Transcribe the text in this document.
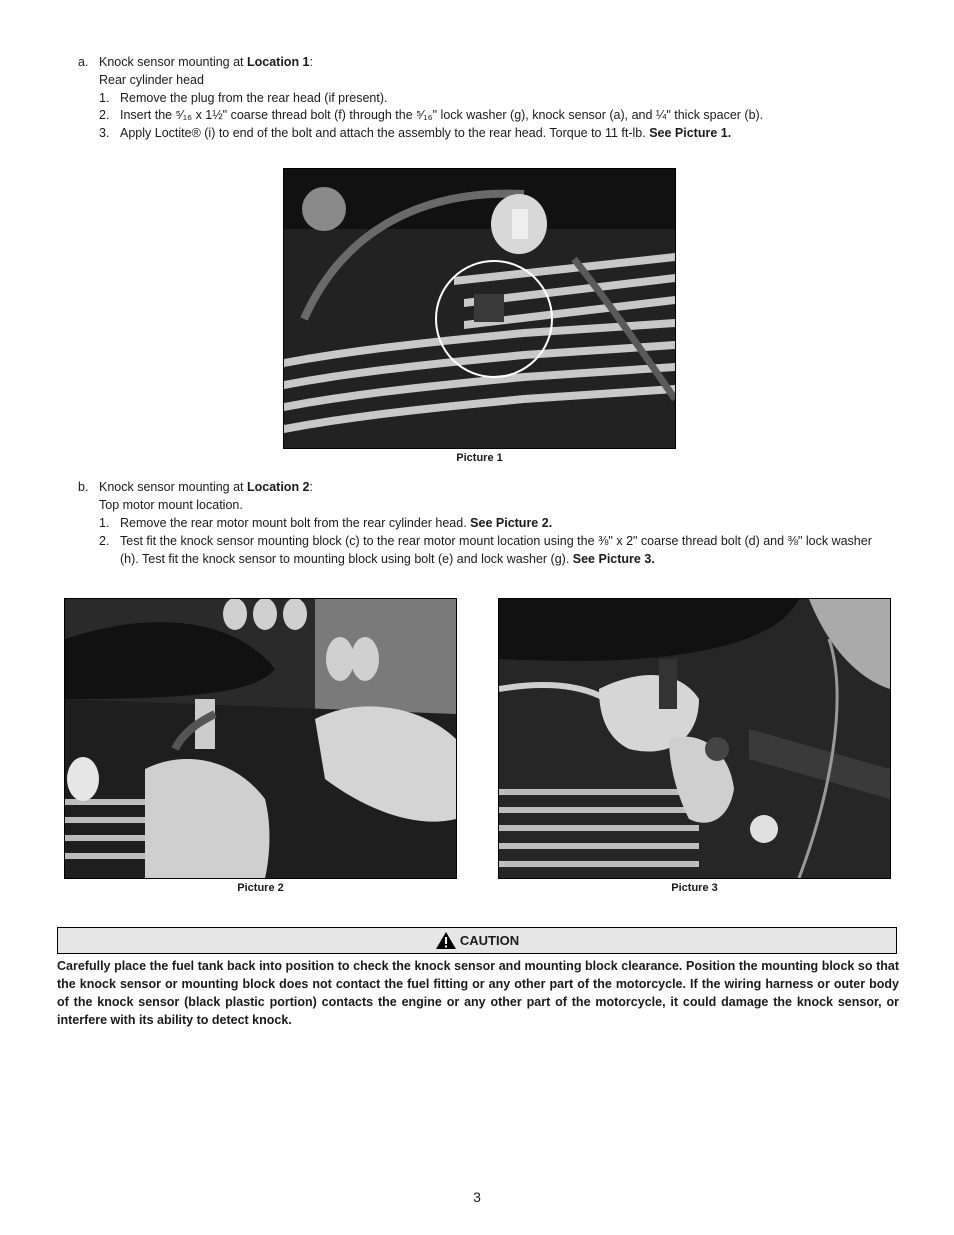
a. Knock sensor mounting at Location 1:
Rear cylinder head
1. Remove the plug from the rear head (if present).
2. Insert the ⁵⁄₁₆ x 1½" coarse thread bolt (f) through the ⁵⁄₁₆" lock washer (g), knock sensor (a), and ¼" thick spacer (b).
3. Apply Loctite® (i) to end of the bolt and attach the assembly to the rear head. Torque to 11 ft-lb. See Picture 1.
Picture 1
b. Knock sensor mounting at Location 2:
Top motor mount location.
1. Remove the rear motor mount bolt from the rear cylinder head. See Picture 2.
2. Test fit the knock sensor mounting block (c) to the rear motor mount location using the ⅜" x 2" coarse thread bolt (d) and ⅜" lock washer (h). Test fit the knock sensor to mounting block using bolt (e) and lock washer (g). See Picture 3.
Picture 2	Picture 3
CAUTION
Carefully place the fuel tank back into position to check the knock sensor and mounting block clearance. Position the mounting block so that the knock sensor or mounting block does not contact the fuel fitting or any other part of the motorcycle. If the wiring harness or outer body of the knock sensor (black plastic portion) contacts the engine or any other part of the motorcycle, it could damage the knock sensor, or interfere with its ability to detect knock.
3
